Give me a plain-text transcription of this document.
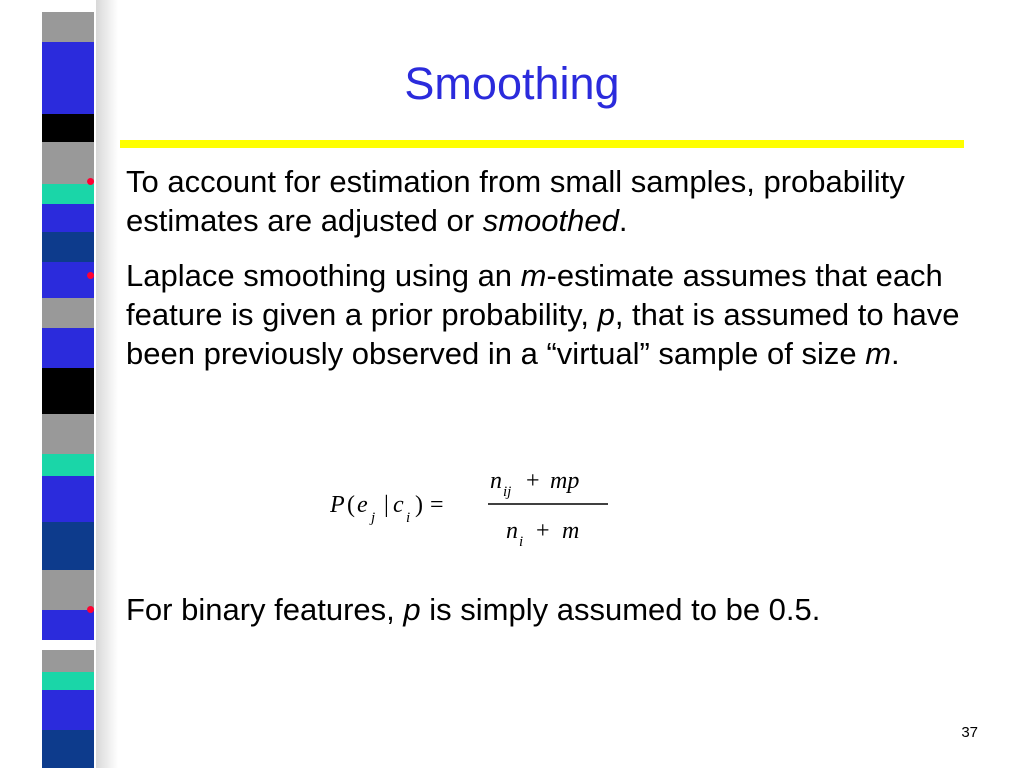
Smoothing
• To account for estimation from small samples, probability estimates are adjusted or smoothed.
• Laplace smoothing using an m-estimate assumes that each feature is given a prior probability, p, that is assumed to have been previously observed in a “virtual” sample of size m.
P ( e j | c i ) =
n ij + mp
n i + m
• For binary features, p is simply assumed to be 0.5.
37
